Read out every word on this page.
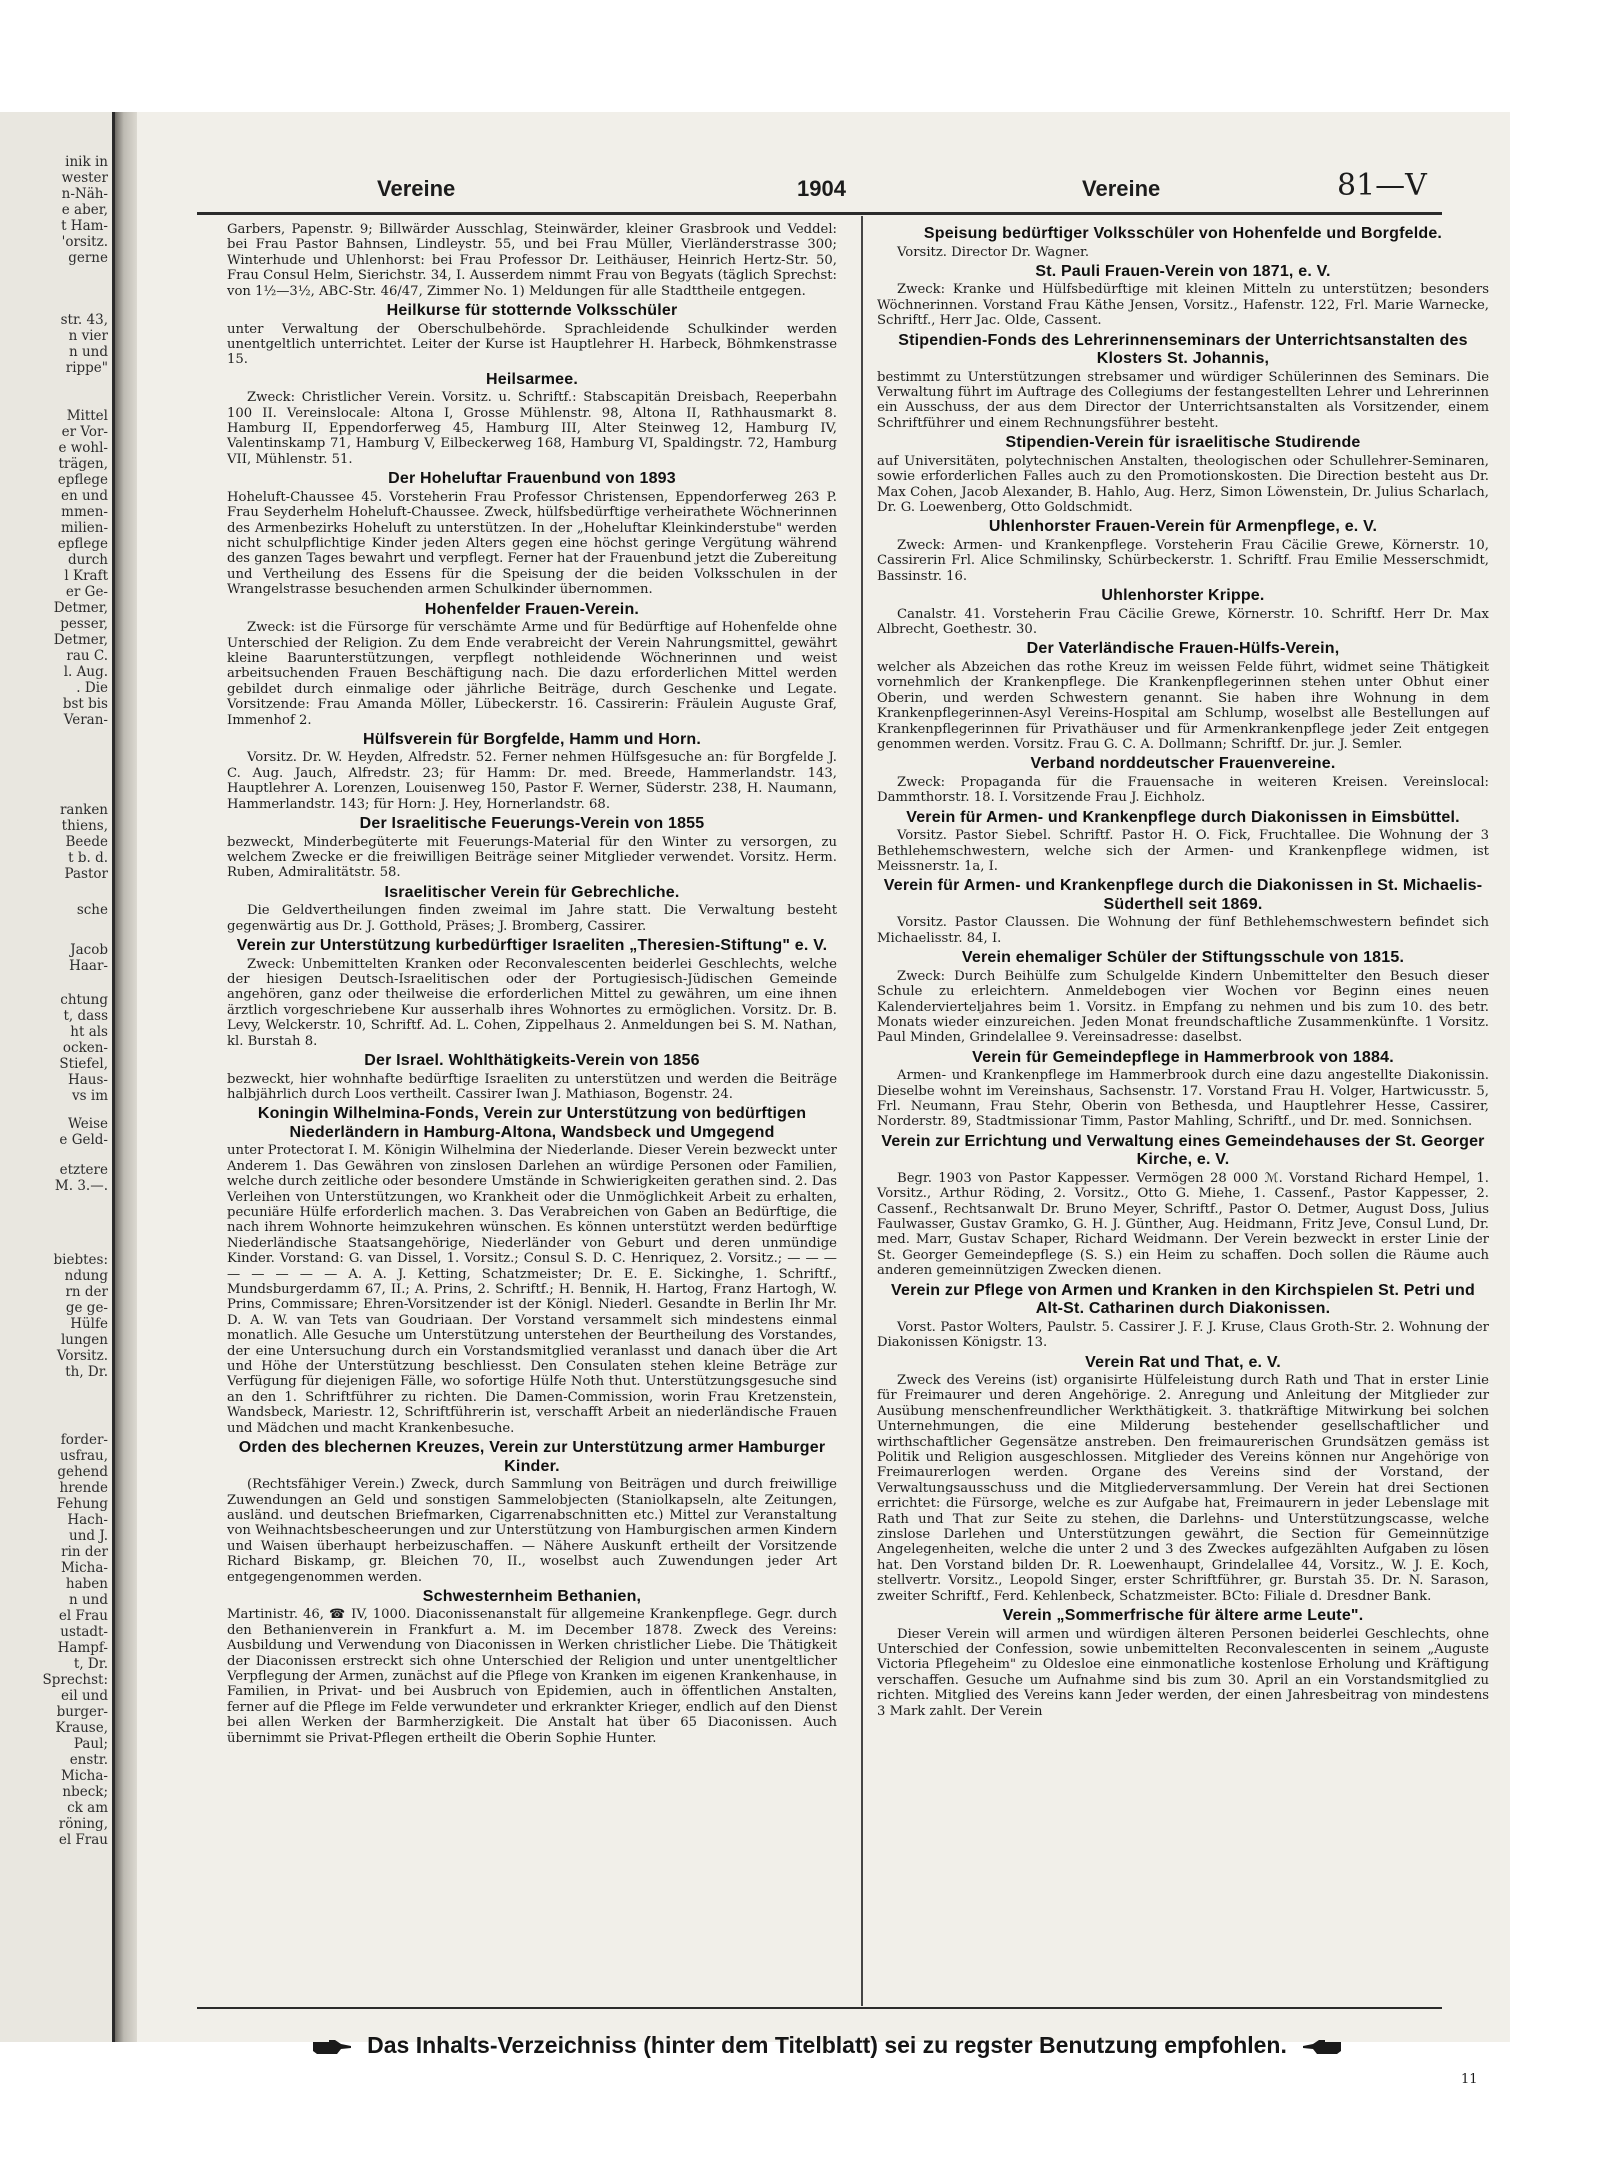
inik in
wester
n-Näh-
e aber,
t Ham-
'orsitz.
gerne
str. 43,
n vier
n und
rippe"
Mittel
er Vor-
e wohl-
trägen,
epflege
en und
mmen-
milien-
epflege
durch
l Kraft
er Ge-
Detmer,
pesser,
Detmer,
rau C.
l. Aug.
. Die
bst bis
Veran-
ranken
thiens,
Beede
t b. d.
Pastor
sche
Jacob
Haar-
chtung
t, dass
ht als
ocken-
Stiefel,
Haus-
vs im
Weise
e Geld-
etztere
M. 3.—.
biebtes:
ndung
rn der
ge ge-
Hülfe
lungen
Vorsitz.
th, Dr.
forder-
usfrau,
gehend
hrende
Fehung
Hach-
und J.
rin der
Micha-
haben
n und
el Frau
ustadt-
Hampf-
t, Dr.
Sprechst:
eil und
burger-
Krause,
Paul;
enstr.
Micha-
nbeck;
ck am
röning,
el Frau
Vereine	1904	Vereine	81—V

Garbers, Papenstr. 9; Billwärder Ausschlag, Steinwärder, kleiner Grasbrook und Veddel: bei Frau Pastor Bahnsen, Lindleystr. 55, und bei Frau Müller, Vierländerstrasse 300; Winterhude und Uhlenhorst: bei Frau Professor Dr. Leithäuser, Heinrich Hertz-Str. 50, Frau Consul Helm, Sierichstr. 34, I. Ausserdem nimmt Frau von Begyats (täglich Sprechst: von 1½—3½, ABC-Str. 46/47, Zimmer No. 1) Meldungen für alle Stadttheile entgegen.

Heilkurse für stotternde Volksschüler

unter Verwaltung der Oberschulbehörde. Sprachleidende Schulkinder werden unentgeltlich unterrichtet. Leiter der Kurse ist Hauptlehrer H. Harbeck, Böhmkenstrasse 15.

Heilsarmee.

Zweck: Christlicher Verein. Vorsitz. u. Schriftf.: Stabscapitän Dreisbach, Reeperbahn 100 II. Vereinslocale: Altona I, Grosse Mühlenstr. 98, Altona II, Rathhausmarkt 8. Hamburg II, Eppendorferweg 45, Hamburg III, Alter Steinweg 12, Hamburg IV, Valentinskamp 71, Hamburg V, Eilbeckerweg 168, Hamburg VI, Spaldingstr. 72, Hamburg VII, Mühlenstr. 51.

Der Hoheluftar Frauenbund von 1893

Hoheluft-Chaussee 45. Vorsteherin Frau Professor Christensen, Eppendorferweg 263 P. Frau Seyderhelm Hoheluft-Chaussee. Zweck, hülfsbedürftige verheirathete Wöchnerinnen des Armenbezirks Hoheluft zu unterstützen. In der „Hoheluftar Kleinkinderstube" werden nicht schulpflichtige Kinder jeden Alters gegen eine höchst geringe Vergütung während des ganzen Tages bewahrt und verpflegt. Ferner hat der Frauenbund jetzt die Zubereitung und Vertheilung des Essens für die Speisung der die beiden Volksschulen in der Wrangelstrasse besuchenden armen Schulkinder übernommen.

Hohenfelder Frauen-Verein.

Zweck: ist die Fürsorge für verschämte Arme und für Bedürftige auf Hohenfelde ohne Unterschied der Religion. Zu dem Ende verabreicht der Verein Nahrungsmittel, gewährt kleine Baarunterstützungen, verpflegt nothleidende Wöchnerinnen und weist arbeitsuchenden Frauen Beschäftigung nach. Die dazu erforderlichen Mittel werden gebildet durch einmalige oder jährliche Beiträge, durch Geschenke und Legate. Vorsitzende: Frau Amanda Möller, Lübeckerstr. 16. Cassirerin: Fräulein Auguste Graf, Immenhof 2.

Hülfsverein für Borgfelde, Hamm und Horn.

Vorsitz. Dr. W. Heyden, Alfredstr. 52. Ferner nehmen Hülfsgesuche an: für Borgfelde J. C. Aug. Jauch, Alfredstr. 23; für Hamm: Dr. med. Breede, Hammerlandstr. 143, Hauptlehrer A. Lorenzen, Louisenweg 150, Pastor F. Werner, Süderstr. 238, H. Naumann, Hammerlandstr. 143; für Horn: J. Hey, Hornerlandstr. 68.

Der Israelitische Feuerungs-Verein von 1855

bezweckt, Minderbegüterte mit Feuerungs-Material für den Winter zu versorgen, zu welchem Zwecke er die freiwilligen Beiträge seiner Mitglieder verwendet. Vorsitz. Herm. Ruben, Admiralitätstr. 58.

Israelitischer Verein für Gebrechliche.

Die Geldvertheilungen finden zweimal im Jahre statt. Die Verwaltung besteht gegenwärtig aus Dr. J. Gotthold, Präses; J. Bromberg, Cassirer.

Verein zur Unterstützung kurbedürftiger Israeliten „Theresien-Stiftung" e. V.

Zweck: Unbemittelten Kranken oder Reconvalescenten beiderlei Geschlechts, welche der hiesigen Deutsch-Israelitischen oder der Portugiesisch-Jüdischen Gemeinde angehören, ganz oder theilweise die erforderlichen Mittel zu gewähren, um eine ihnen ärztlich vorgeschriebene Kur ausserhalb ihres Wohnortes zu ermöglichen. Vorsitz. Dr. B. Levy, Welckerstr. 10, Schriftf. Ad. L. Cohen, Zippelhaus 2. Anmeldungen bei S. M. Nathan, kl. Burstah 8.

Der Israel. Wohlthätigkeits-Verein von 1856

bezweckt, hier wohnhafte bedürftige Israeliten zu unterstützen und werden die Beiträge halbjährlich durch Loos vertheilt. Cassirer Iwan J. Mathiason, Bogenstr. 24.

Koningin Wilhelmina-Fonds, Verein zur Unterstützung von bedürftigen Niederländern in Hamburg-Altona, Wandsbeck und Umgegend

unter Protectorat I. M. Königin Wilhelmina der Niederlande. Dieser Verein bezweckt unter Anderem 1. Das Gewähren von zinslosen Darlehen an würdige Personen oder Familien, welche durch zeitliche oder besondere Umstände in Schwierigkeiten gerathen sind. 2. Das Verleihen von Unterstützungen, wo Krankheit oder die Unmöglichkeit Arbeit zu erhalten, pecuniäre Hülfe erforderlich machen. 3. Das Verabreichen von Gaben an Bedürftige, die nach ihrem Wohnorte heimzukehren wünschen. Es können unterstützt werden bedürftige Niederländische Staatsangehörige, Niederländer von Geburt und deren unmündige Kinder. Vorstand: G. van Dissel, 1. Vorsitz.; Consul S. D. C. Henriquez, 2. Vorsitz.; — — — — — — — — A. A. J. Ketting, Schatzmeister; Dr. E. E. Sickinghe, 1. Schriftf., Mundsburgerdamm 67, II.; A. Prins, 2. Schriftf.; H. Bennik, H. Hartog, Franz Hartogh, W. Prins, Commissare; Ehren-Vorsitzender ist der Königl. Niederl. Gesandte in Berlin Ihr Mr. D. A. W. van Tets van Goudriaan. Der Vorstand versammelt sich mindestens einmal monatlich. Alle Gesuche um Unterstützung unterstehen der Beurtheilung des Vorstandes, der eine Untersuchung durch ein Vorstandsmitglied veranlasst und danach über die Art und Höhe der Unterstützung beschliesst. Den Consulaten stehen kleine Beträge zur Verfügung für diejenigen Fälle, wo sofortige Hülfe Noth thut. Unterstützungsgesuche sind an den 1. Schriftführer zu richten. Die Damen-Commission, worin Frau Kretzenstein, Wandsbeck, Mariestr. 12, Schriftführerin ist, verschafft Arbeit an niederländische Frauen und Mädchen und macht Krankenbesuche.

Orden des blechernen Kreuzes, Verein zur Unterstützung armer Hamburger Kinder.

(Rechtsfähiger Verein.) Zweck, durch Sammlung von Beiträgen und durch freiwillige Zuwendungen an Geld und sonstigen Sammelobjecten (Staniolkapseln, alte Zeitungen, ausländ. und deutschen Briefmarken, Cigarrenabschnitten etc.) Mittel zur Veranstaltung von Weihnachtsbescheerungen und zur Unterstützung von Hamburgischen armen Kindern und Waisen überhaupt herbeizuschaffen. — Nähere Auskunft ertheilt der Vorsitzende Richard Biskamp, gr. Bleichen 70, II., woselbst auch Zuwendungen jeder Art entgegengenommen werden.

Schwesternheim Bethanien,

Martinistr. 46, ☎ IV, 1000. Diaconissenanstalt für allgemeine Krankenpflege. Gegr. durch den Bethanienverein in Frankfurt a. M. im December 1878. Zweck des Vereins: Ausbildung und Verwendung von Diaconissen in Werken christlicher Liebe. Die Thätigkeit der Diaconissen erstreckt sich ohne Unterschied der Religion und unter unentgeltlicher Verpflegung der Armen, zunächst auf die Pflege von Kranken im eigenen Krankenhause, in Familien, in Privat- und bei Ausbruch von Epidemien, auch in öffentlichen Anstalten, ferner auf die Pflege im Felde verwundeter und erkrankter Krieger, endlich auf den Dienst bei allen Werken der Barmherzigkeit. Die Anstalt hat über 65 Diaconissen. Auch übernimmt sie Privat-Pflegen ertheilt die Oberin Sophie Hunter.

Speisung bedürftiger Volksschüler von Hohenfelde und Borgfelde.

Vorsitz. Director Dr. Wagner.

St. Pauli Frauen-Verein von 1871, e. V.

Zweck: Kranke und Hülfsbedürftige mit kleinen Mitteln zu unterstützen; besonders Wöchnerinnen. Vorstand Frau Käthe Jensen, Vorsitz., Hafenstr. 122, Frl. Marie Warnecke, Schriftf., Herr Jac. Olde, Cassent.

Stipendien-Fonds des Lehrerinnenseminars der Unterrichtsanstalten des Klosters St. Johannis,

bestimmt zu Unterstützungen strebsamer und würdiger Schülerinnen des Seminars. Die Verwaltung führt im Auftrage des Collegiums der festangestellten Lehrer und Lehrerinnen ein Ausschuss, der aus dem Director der Unterrichtsanstalten als Vorsitzender, einem Schriftführer und einem Rechnungsführer besteht.

Stipendien-Verein für israelitische Studirende

auf Universitäten, polytechnischen Anstalten, theologischen oder Schullehrer-Seminaren, sowie erforderlichen Falles auch zu den Promotionskosten. Die Direction besteht aus Dr. Max Cohen, Jacob Alexander, B. Hahlo, Aug. Herz, Simon Löwenstein, Dr. Julius Scharlach, Dr. G. Loewenberg, Otto Goldschmidt.

Uhlenhorster Frauen-Verein für Armenpflege, e. V.

Zweck: Armen- und Krankenpflege. Vorsteherin Frau Cäcilie Grewe, Körnerstr. 10, Cassirerin Frl. Alice Schmilinsky, Schürbeckerstr. 1. Schriftf. Frau Emilie Messerschmidt, Bassinstr. 16.

Uhlenhorster Krippe.

Canalstr. 41. Vorsteherin Frau Cäcilie Grewe, Körnerstr. 10. Schriftf. Herr Dr. Max Albrecht, Goethestr. 30.

Der Vaterländische Frauen-Hülfs-Verein,

welcher als Abzeichen das rothe Kreuz im weissen Felde führt, widmet seine Thätigkeit vornehmlich der Krankenpflege. Die Krankenpflegerinnen stehen unter Obhut einer Oberin, und werden Schwestern genannt. Sie haben ihre Wohnung in dem Krankenpflegerinnen-Asyl Vereins-Hospital am Schlump, woselbst alle Bestellungen auf Krankenpflegerinnen für Privathäuser und für Armenkrankenpflege jeder Zeit entgegen genommen werden. Vorsitz. Frau G. C. A. Dollmann; Schriftf. Dr. jur. J. Semler.

Verband norddeutscher Frauenvereine.

Zweck: Propaganda für die Frauensache in weiteren Kreisen. Vereinslocal: Dammthorstr. 18. I. Vorsitzende Frau J. Eichholz.

Verein für Armen- und Krankenpflege durch Diakonissen in Eimsbüttel.

Vorsitz. Pastor Siebel. Schriftf. Pastor H. O. Fick, Fruchtallee. Die Wohnung der 3 Bethlehemschwestern, welche sich der Armen- und Krankenpflege widmen, ist Meissnerstr. 1a, I.

Verein für Armen- und Krankenpflege durch die Diakonissen in St. Michaelis-Süderthell seit 1869.

Vorsitz. Pastor Claussen. Die Wohnung der fünf Bethlehemschwestern befindet sich Michaelisstr. 84, I.

Verein ehemaliger Schüler der Stiftungsschule von 1815.

Zweck: Durch Beihülfe zum Schulgelde Kindern Unbemittelter den Besuch dieser Schule zu erleichtern. Anmeldebogen vier Wochen vor Beginn eines neuen Kalendervierteljahres beim 1. Vorsitz. in Empfang zu nehmen und bis zum 10. des betr. Monats wieder einzureichen. Jeden Monat freundschaftliche Zusammenkünfte. 1 Vorsitz. Paul Minden, Grindelallee 9. Vereinsadresse: daselbst.

Verein für Gemeindepflege in Hammerbrook von 1884.

Armen- und Krankenpflege im Hammerbrook durch eine dazu angestellte Diakonissin. Dieselbe wohnt im Vereinshaus, Sachsenstr. 17. Vorstand Frau H. Volger, Hartwicusstr. 5, Frl. Neumann, Frau Stehr, Oberin von Bethesda, und Hauptlehrer Hesse, Cassirer, Norderstr. 89, Stadtmissionar Timm, Pastor Mahling, Schriftf., und Dr. med. Sonnichsen.

Verein zur Errichtung und Verwaltung eines Gemeindehauses der St. Georger Kirche, e. V.

Begr. 1903 von Pastor Kappesser. Vermögen 28 000 ℳ. Vorstand Richard Hempel, 1. Vorsitz., Arthur Röding, 2. Vorsitz., Otto G. Miehe, 1. Cassenf., Pastor Kappesser, 2. Cassenf., Rechtsanwalt Dr. Bruno Meyer, Schriftf., Pastor O. Detmer, August Doss, Julius Faulwasser, Gustav Gramko, G. H. J. Günther, Aug. Heidmann, Fritz Jeve, Consul Lund, Dr. med. Marr, Gustav Schaper, Richard Weidmann. Der Verein bezweckt in erster Linie der St. Georger Gemeindepflege (S. S.) ein Heim zu schaffen. Doch sollen die Räume auch anderen gemeinnützigen Zwecken dienen.

Verein zur Pflege von Armen und Kranken in den Kirchspielen St. Petri und Alt-St. Catharinen durch Diakonissen.

Vorst. Pastor Wolters, Paulstr. 5. Cassirer J. F. J. Kruse, Claus Groth-Str. 2. Wohnung der Diakonissen Königstr. 13.

Verein Rat und That, e. V.

Zweck des Vereins (ist) organisirte Hülfeleistung durch Rath und That in erster Linie für Freimaurer und deren Angehörige. 2. Anregung und Anleitung der Mitglieder zur Ausübung menschenfreundlicher Werkthätigkeit. 3. thatkräftige Mitwirkung bei solchen Unternehmungen, die eine Milderung bestehender gesellschaftlicher und wirthschaftlicher Gegensätze anstreben. Den freimaurerischen Grundsätzen gemäss ist Politik und Religion ausgeschlossen. Mitglieder des Vereins können nur Angehörige von Freimaurerlogen werden. Organe des Vereins sind der Vorstand, der Verwaltungsausschuss und die Mitgliederversammlung. Der Verein hat drei Sectionen errichtet: die Fürsorge, welche es zur Aufgabe hat, Freimaurern in jeder Lebenslage mit Rath und That zur Seite zu stehen, die Darlehns- und Unterstützungscasse, welche zinslose Darlehen und Unterstützungen gewährt, die Section für Gemeinnützige Angelegenheiten, welche die unter 2 und 3 des Zweckes aufgezählten Aufgaben zu lösen hat. Den Vorstand bilden Dr. R. Loewenhaupt, Grindelallee 44, Vorsitz., W. J. E. Koch, stellvertr. Vorsitz., Leopold Singer, erster Schriftführer, gr. Burstah 35. Dr. N. Sarason, zweiter Schriftf., Ferd. Kehlenbeck, Schatzmeister. BCto: Filiale d. Dresdner Bank.

Verein „Sommerfrische für ältere arme Leute".

Dieser Verein will armen und würdigen älteren Personen beiderlei Geschlechts, ohne Unterschied der Confession, sowie unbemittelten Reconvalescenten in seinem „Auguste Victoria Pflegeheim" zu Oldesloe eine einmonatliche kostenlose Erholung und Kräftigung verschaffen. Gesuche um Aufnahme sind bis zum 30. April an ein Vorstandsmitglied zu richten. Mitglied des Vereins kann Jeder werden, der einen Jahresbeitrag von mindestens 3 Mark zahlt. Der Verein

Das Inhalts-Verzeichniss (hinter dem Titelblatt) sei zu regster Benutzung empfohlen.
11
